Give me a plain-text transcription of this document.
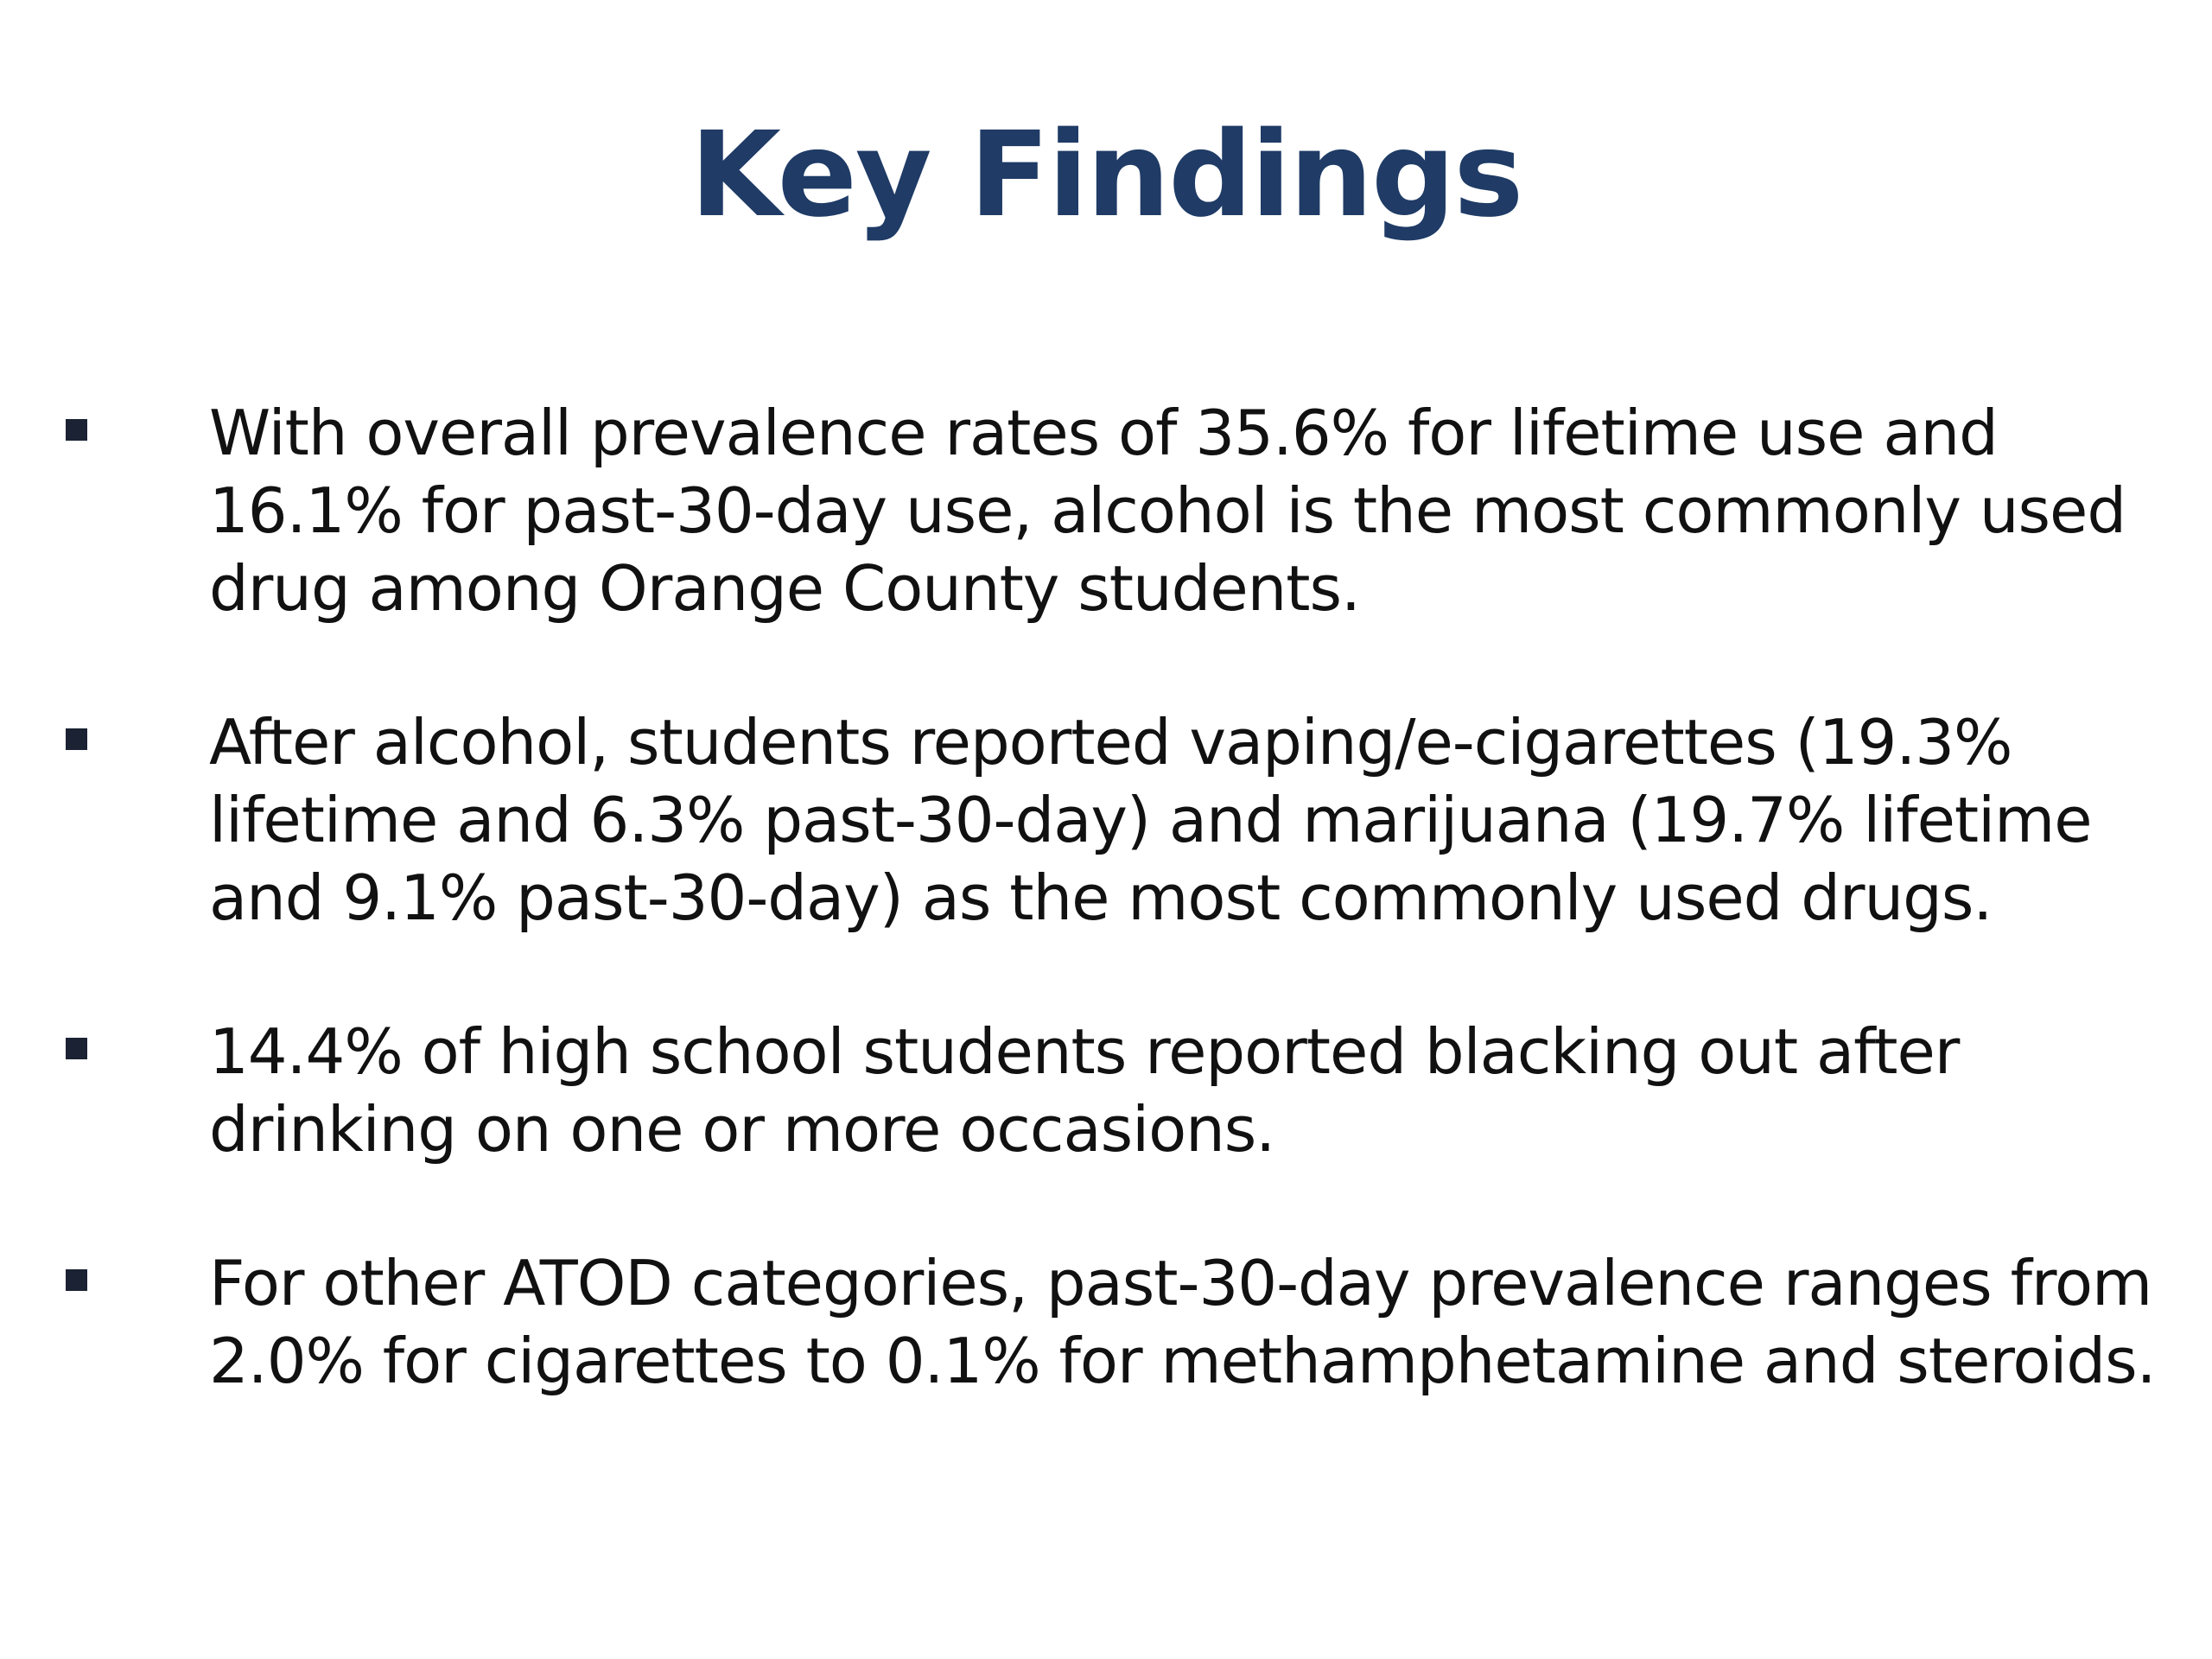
Key Findings
With overall prevalence rates of 35.6% for lifetime use and 16.1% for past-30-day use, alcohol is the most commonly used drug among Orange County students.
After alcohol, students reported vaping/e-cigarettes (19.3% lifetime and 6.3% past-30-day) and marijuana (19.7% lifetime and 9.1% past-30-day) as the most commonly used drugs.
14.4% of high school students reported blacking out after drinking on one or more occasions.
For other ATOD categories, past-30-day prevalence ranges from 2.0% for cigarettes to 0.1% for methamphetamine and steroids.
